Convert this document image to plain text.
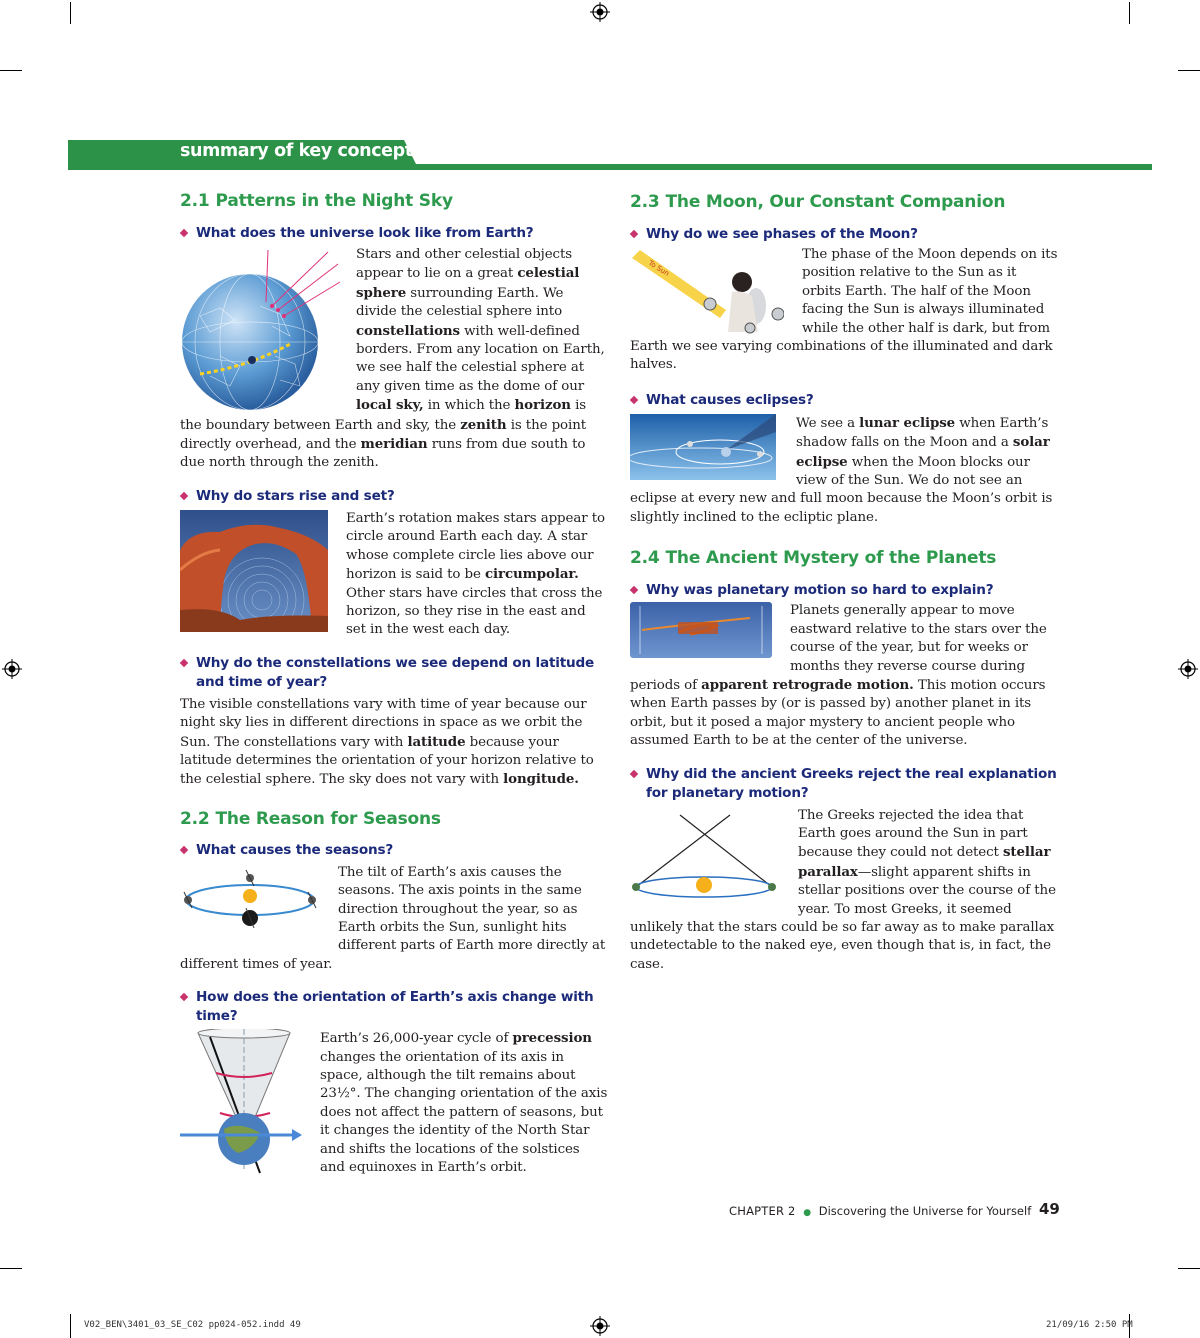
summary of key concepts
2.1 Patterns in the Night Sky

What does the universe look like from Earth?

Stars and other celestial objects appear to lie on a great celestial sphere surrounding Earth. We divide the celestial sphere into constellations with well-defined borders. From any location on Earth, we see half the celestial sphere at any given time as the dome of our local sky, in which the horizon is the boundary between Earth and sky, the zenith is the point directly overhead, and the meridian runs from due south to due north through the zenith.

Why do stars rise and set?

Earth’s rotation makes stars appear to circle around Earth each day. A star whose complete circle lies above our horizon is said to be circumpolar. Other stars have circles that cross the horizon, so they rise in the east and set in the west each day.

Why do the constellations we see depend on latitude and time of year?

The visible constellations vary with time of year because our night sky lies in different directions in space as we orbit the Sun. The constellations vary with latitude because your latitude determines the orientation of your horizon relative to the celestial sphere. The sky does not vary with longitude.

2.2 The Reason for Seasons

What causes the seasons?

The tilt of Earth’s axis causes the seasons. The axis points in the same direction throughout the year, so as Earth orbits the Sun, sunlight hits different parts of Earth more directly at different times of year.

How does the orientation of Earth’s axis change with time?

Earth’s 26,000-year cycle of precession changes the orientation of its axis in space, although the tilt remains about 23½°. The changing orientation of the axis does not affect the pattern of seasons, but it changes the identity of the North Star and shifts the locations of the solstices and equinoxes in Earth’s orbit.

2.3 The Moon, Our Constant Companion

Why do we see phases of the Moon?

To Sun

The phase of the Moon depends on its position relative to the Sun as it orbits Earth. The half of the Moon facing the Sun is always illuminated while the other half is dark, but from Earth we see varying combinations of the illuminated and dark halves.

What causes eclipses?

We see a lunar eclipse when Earth’s shadow falls on the Moon and a solar eclipse when the Moon blocks our view of the Sun. We do not see an eclipse at every new and full moon because the Moon’s orbit is slightly inclined to the ecliptic plane.

2.4 The Ancient Mystery of the Planets

Why was planetary motion so hard to explain?

Planets generally appear to move eastward relative to the stars over the course of the year, but for weeks or months they reverse course during periods of apparent retrograde motion. This motion occurs when Earth passes by (or is passed by) another planet in its orbit, but it posed a major mystery to ancient people who assumed Earth to be at the center of the universe.

Why did the ancient Greeks reject the real explanation for planetary motion?

The Greeks rejected the idea that Earth goes around the Sun in part because they could not detect stellar parallax—slight apparent shifts in stellar positions over the course of the year. To most Greeks, it seemed unlikely that the stars could be so far away as to make parallax undetectable to the naked eye, even though that is, in fact, the case.

CHAPTER 2 ● Discovering the Universe for Yourself 49
V02_BEN\3401_03_SE_C02 pp024-052.indd 49	21/09/16 2:50 PM
